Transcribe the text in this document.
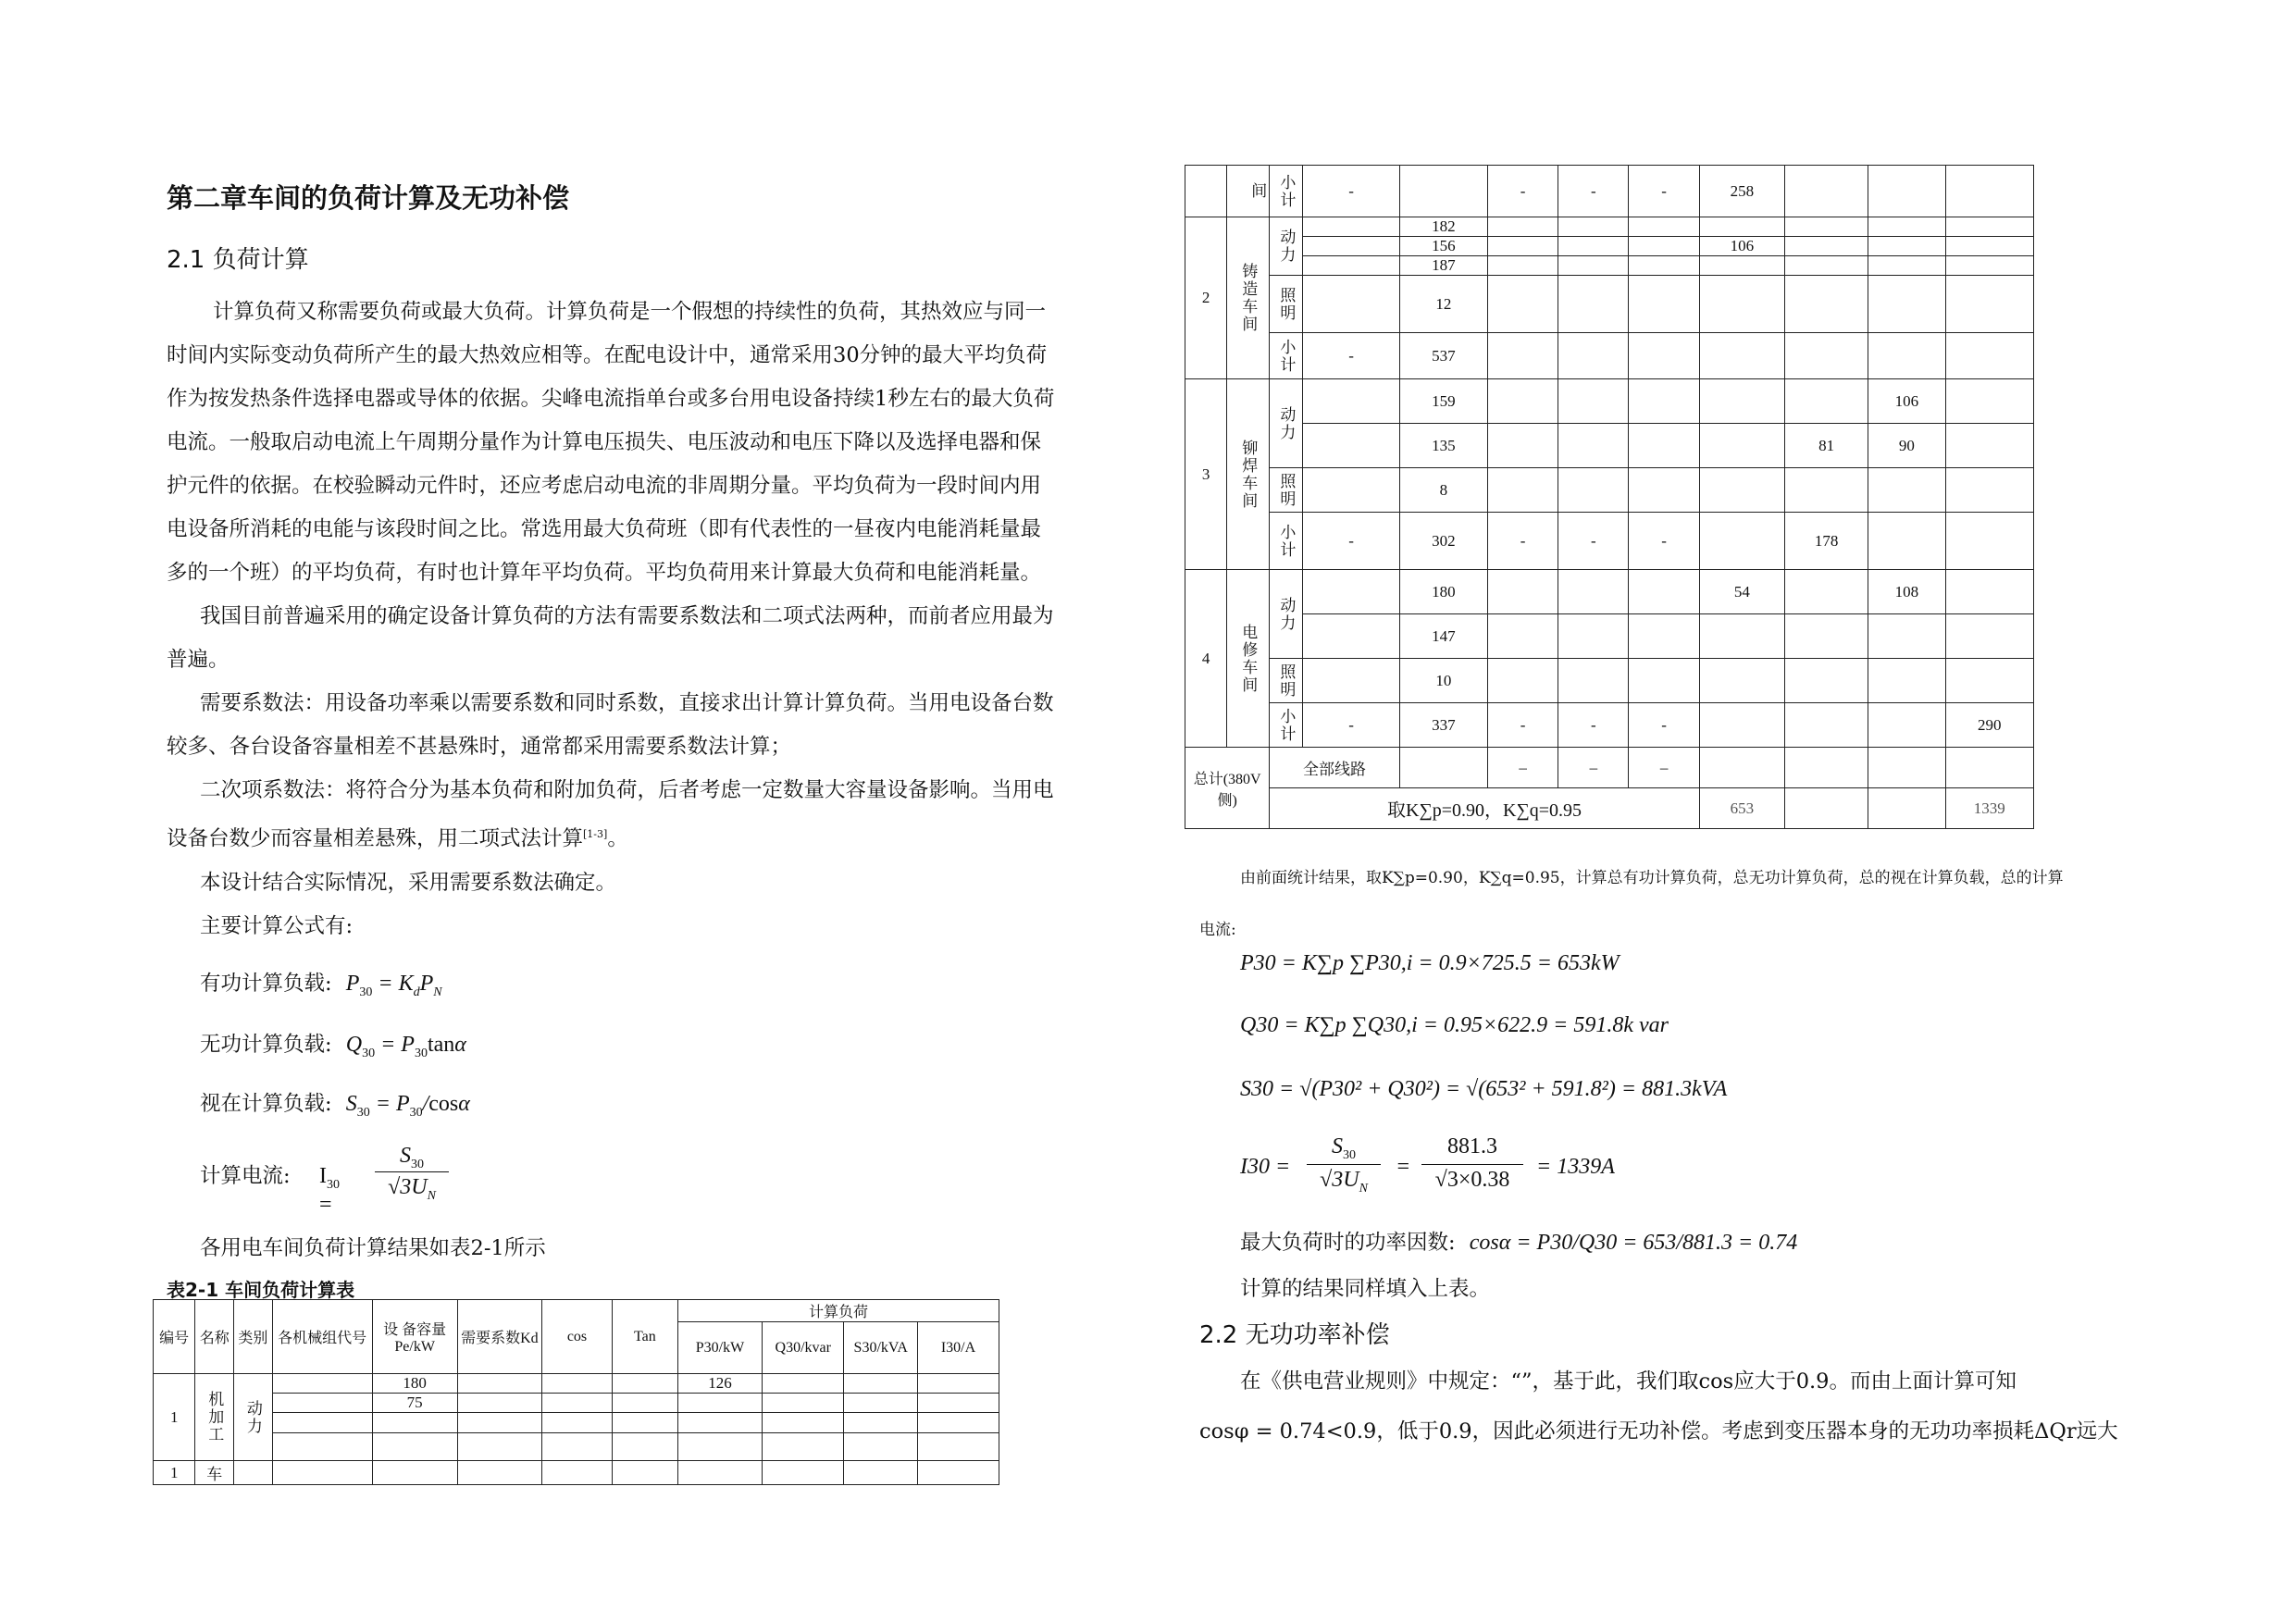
第二章车间的负荷计算及无功补偿
2.1 负荷计算
计算负荷又称需要负荷或最大负荷。计算负荷是一个假想的持续性的负荷，其热效应与同一
时间内实际变动负荷所产生的最大热效应相等。在配电设计中，通常采用30分钟的最大平均负荷
作为按发热条件选择电器或导体的依据。尖峰电流指单台或多台用电设备持续1秒左右的最大负荷
电流。一般取启动电流上午周期分量作为计算电压损失、电压波动和电压下降以及选择电器和保
护元件的依据。在校验瞬动元件时，还应考虑启动电流的非周期分量。平均负荷为一段时间内用
电设备所消耗的电能与该段时间之比。常选用最大负荷班（即有代表性的一昼夜内电能消耗量最
多的一个班）的平均负荷，有时也计算年平均负荷。平均负荷用来计算最大负荷和电能消耗量。
我国目前普遍采用的确定设备计算负荷的方法有需要系数法和二项式法两种，而前者应用最为
普遍。
需要系数法：用设备功率乘以需要系数和同时系数，直接求出计算计算负荷。当用电设备台数
较多、各台设备容量相差不甚悬殊时，通常都采用需要系数法计算；
二次项系数法：将符合分为基本负荷和附加负荷，后者考虑一定数量大容量设备影响。当用电
设备台数少而容量相差悬殊，用二项式法计算[1-3]。
本设计结合实际情况，采用需要系数法确定。
主要计算公式有:
有功计算负载: $P_{30} = K_dP_N$
无功计算负载: $Q_{30} = P_{30}\tan\alpha$
视在计算负载: $S_{30} = P_{30}/\cos\alpha$
计算电流: $I_{30}$ =
$S_{30}$
$√3U_N$
各用电车间负荷计算结果如表2-1所示
表2-1 车间负荷计算表
编号	名称	类别	各机械组代号	设 备容量Pe/kW	需要系数Kd	cos	Tan	计算负荷			
								P30/kW	Q30/kvar	S30/kVA	I30/A
1	机加工	动力		180				126			
				75							

1	车										
	间	小计	-		-	-	-	258			
2	铸造车间	动力		182							
				156				106			
				187							
		照明		12							
		小计	-	537							
3	铆焊车间	动力		159						106	
				135					81	90	
		照明		8							
		小计	-	302	-	-	-		178		
4	电修车间	动力		180				54		108	
				147							
		照明		10							
		小计	-	337	-	-	-				290
总计(380V侧)		全部线路			–	–	–				
		取K∑p=0.90，K∑q=0.95						653			1339
由前面统计结果，取K∑p=0.90，K∑q=0.95，计算总有功计算负荷，总无功计算负荷，总的视在计算负载，总的计算
电流:
P30 = K∑p ∑P30,i = 0.9×725.5 = 653kW
Q30 = K∑p ∑Q30,i = 0.95×622.9 = 591.8k var
S30 = √(P30² + Q30²) = √(653² + 591.8²) = 881.3kVA
I30 =
$S_{30}$
$√3U_N$
=
881.3
√3×0.38
= 1339A
最大负荷时的功率因数: cosα = P30/Q30 = 653/881.3 = 0.74
计算的结果同样填入上表。
2.2 无功功率补偿
在《供电营业规则》中规定：“”，基于此，我们取cos应大于0.9。而由上面计算可知
cosφ = 0.74<0.9，低于0.9，因此必须进行无功补偿。考虑到变压器本身的无功功率损耗ΔQr远大
